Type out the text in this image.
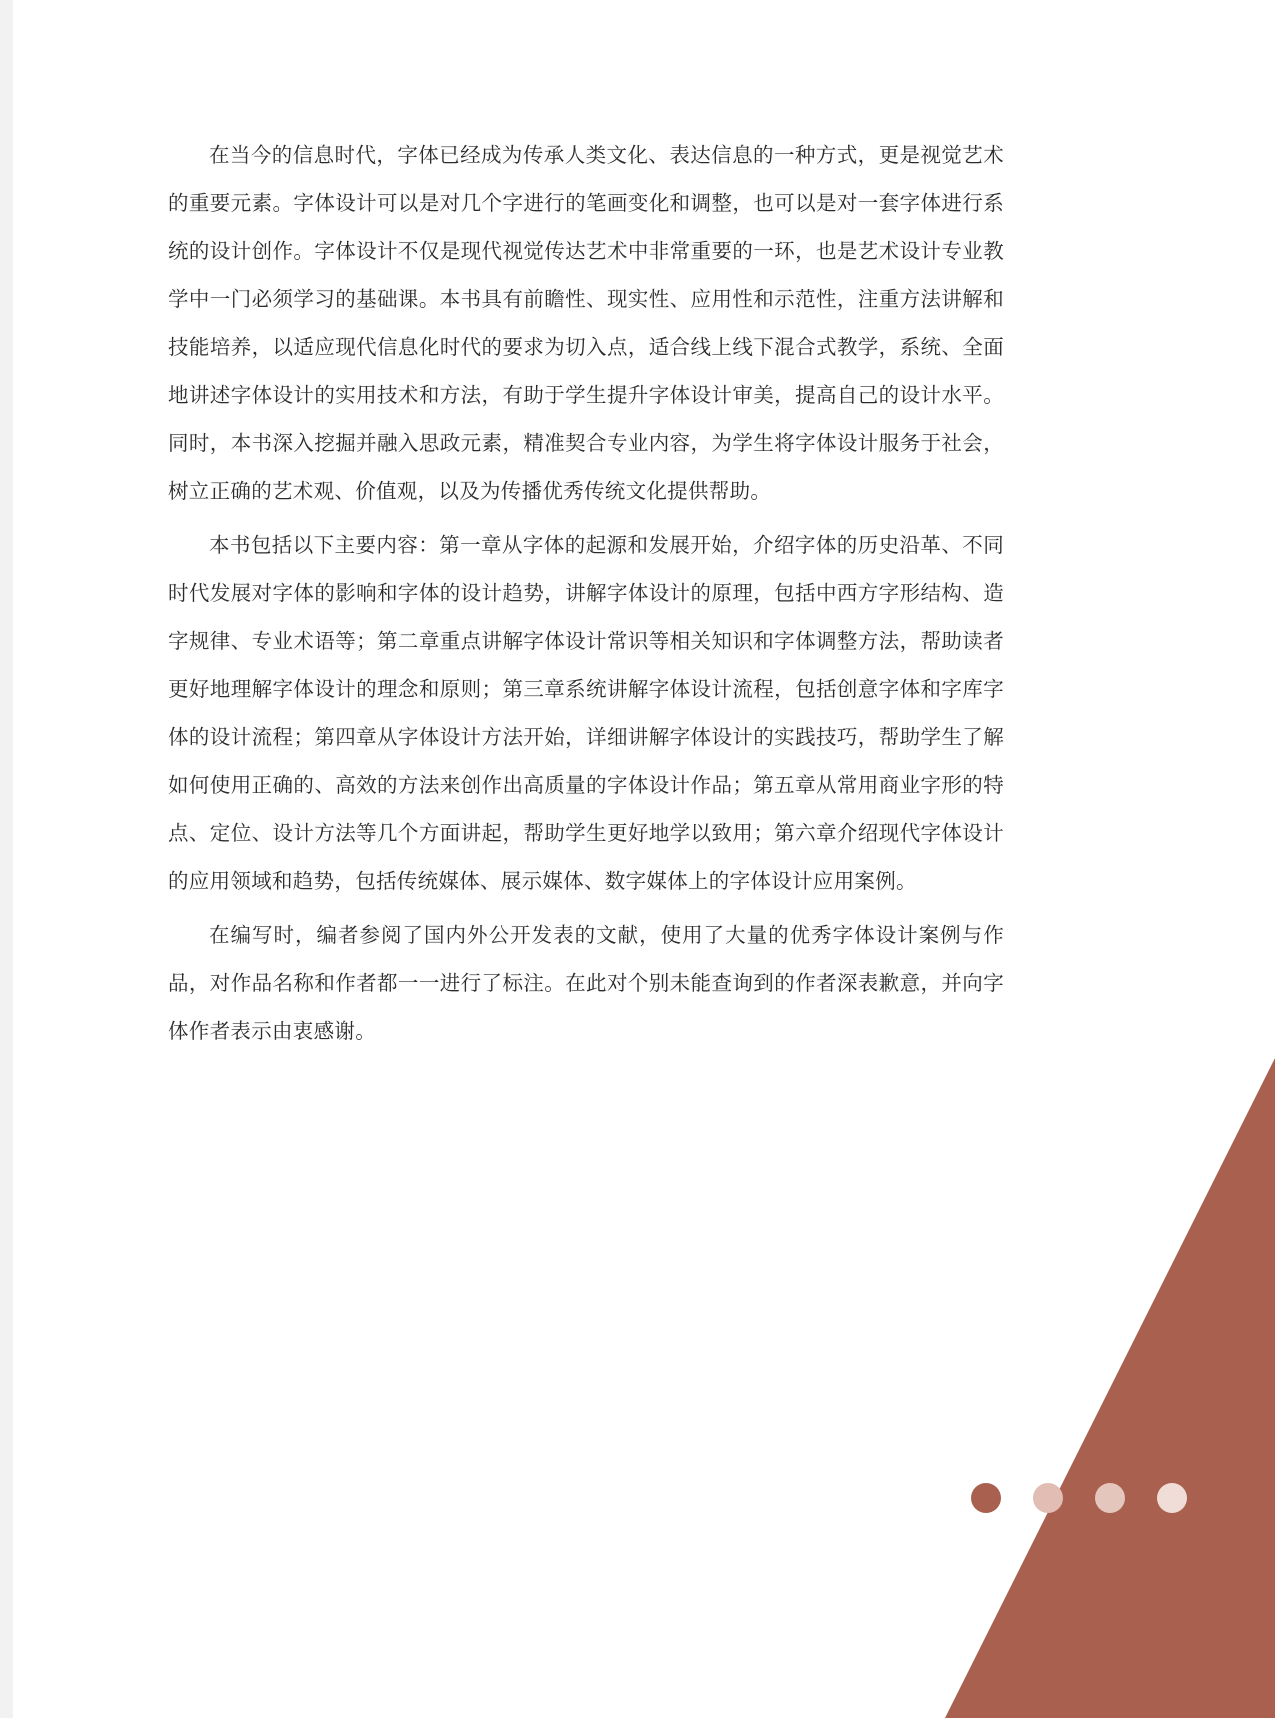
在当今的信息时代，字体已经成为传承人类文化、表达信息的一种方式，更是视觉艺术的重要元素。字体设计可以是对几个字进行的笔画变化和调整，也可以是对一套字体进行系统的设计创作。字体设计不仅是现代视觉传达艺术中非常重要的一环，也是艺术设计专业教学中一门必须学习的基础课。本书具有前瞻性、现实性、应用性和示范性，注重方法讲解和技能培养，以适应现代信息化时代的要求为切入点，适合线上线下混合式教学，系统、全面地讲述字体设计的实用技术和方法，有助于学生提升字体设计审美，提高自己的设计水平。同时，本书深入挖掘并融入思政元素，精准契合专业内容，为学生将字体设计服务于社会，树立正确的艺术观、价值观，以及为传播优秀传统文化提供帮助。

本书包括以下主要内容：第一章从字体的起源和发展开始，介绍字体的历史沿革、不同时代发展对字体的影响和字体的设计趋势，讲解字体设计的原理，包括中西方字形结构、造字规律、专业术语等；第二章重点讲解字体设计常识等相关知识和字体调整方法，帮助读者更好地理解字体设计的理念和原则；第三章系统讲解字体设计流程，包括创意字体和字库字体的设计流程；第四章从字体设计方法开始，详细讲解字体设计的实践技巧，帮助学生了解如何使用正确的、高效的方法来创作出高质量的字体设计作品；第五章从常用商业字形的特点、定位、设计方法等几个方面讲起，帮助学生更好地学以致用；第六章介绍现代字体设计的应用领域和趋势，包括传统媒体、展示媒体、数字媒体上的字体设计应用案例。

在编写时，编者参阅了国内外公开发表的文献，使用了大量的优秀字体设计案例与作品，对作品名称和作者都一一进行了标注。在此对个别未能查询到的作者深表歉意，并向字体作者表示由衷感谢。
